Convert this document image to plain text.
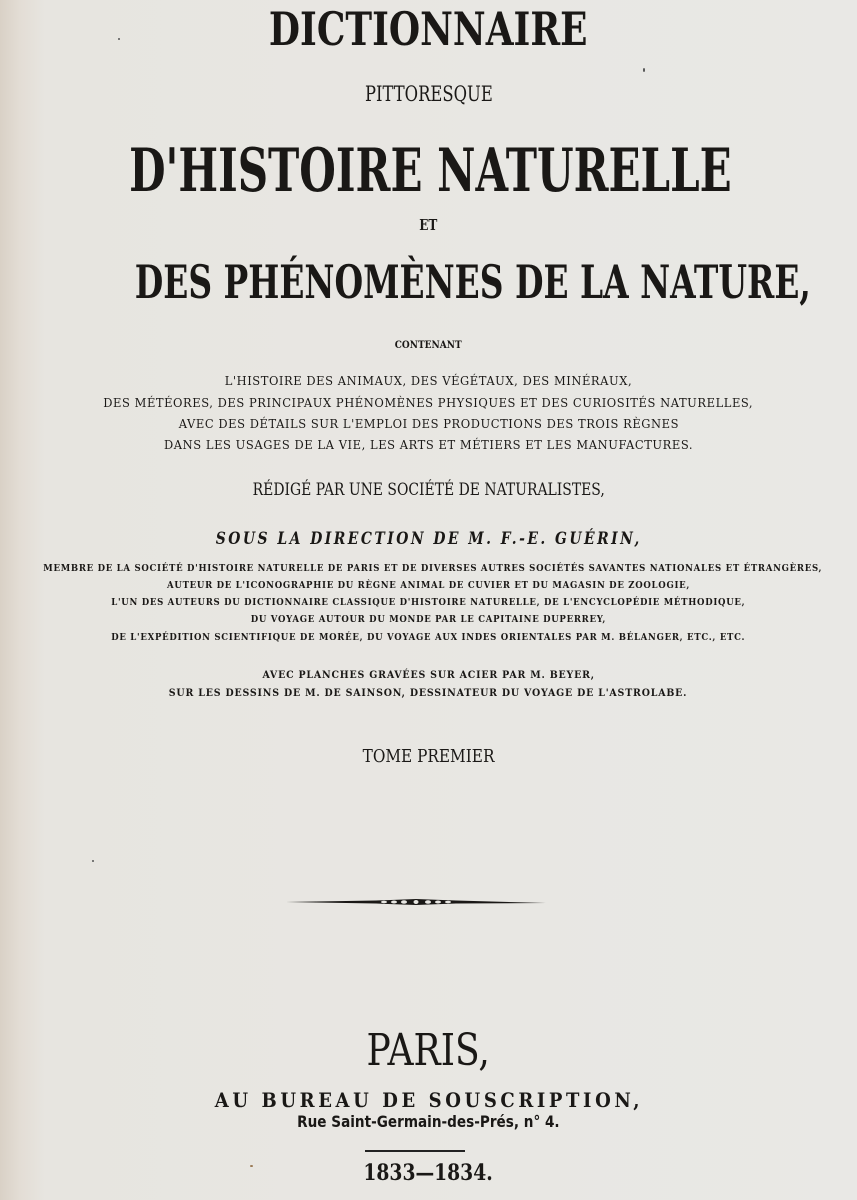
DICTIONNAIRE
PITTORESQUE
D'HISTOIRE NATURELLE
ET
DES PHÉNOMÈNES DE LA NATURE,
CONTENANT
L'HISTOIRE DES ANIMAUX, DES VÉGÉTAUX, DES MINÉRAUX,
DES MÉTÉORES, DES PRINCIPAUX PHÉNOMÈNES PHYSIQUES ET DES CURIOSITÉS NATURELLES,
AVEC DES DÉTAILS SUR L'EMPLOI DES PRODUCTIONS DES TROIS RÈGNES
DANS LES USAGES DE LA VIE, LES ARTS ET MÉTIERS ET LES MANUFACTURES.
RÉDIGÉ PAR UNE SOCIÉTÉ DE NATURALISTES,
SOUS LA DIRECTION DE M. F.-E. GUÉRIN,
MEMBRE DE LA SOCIÉTÉ D'HISTOIRE NATURELLE DE PARIS ET DE DIVERSES AUTRES SOCIÉTÉS SAVANTES NATIONALES ET ÉTRANGÈRES,
AUTEUR DE L'ICONOGRAPHIE DU RÈGNE ANIMAL DE CUVIER ET DU MAGASIN DE ZOOLOGIE,
L'UN DES AUTEURS DU DICTIONNAIRE CLASSIQUE D'HISTOIRE NATURELLE, DE L'ENCYCLOPÉDIE MÉTHODIQUE,
DU VOYAGE AUTOUR DU MONDE PAR LE CAPITAINE DUPERREY,
DE L'EXPÉDITION SCIENTIFIQUE DE MORÉE, DU VOYAGE AUX INDES ORIENTALES PAR M. BÉLANGER, ETC., ETC.
AVEC PLANCHES GRAVÉES SUR ACIER PAR M. BEYER,
SUR LES DESSINS DE M. DE SAINSON, DESSINATEUR DU VOYAGE DE L'ASTROLABE.
TOME PREMIER
PARIS,
AU BUREAU DE SOUSCRIPTION,
Rue Saint-Germain-des-Prés, n° 4.
1833—1834.
